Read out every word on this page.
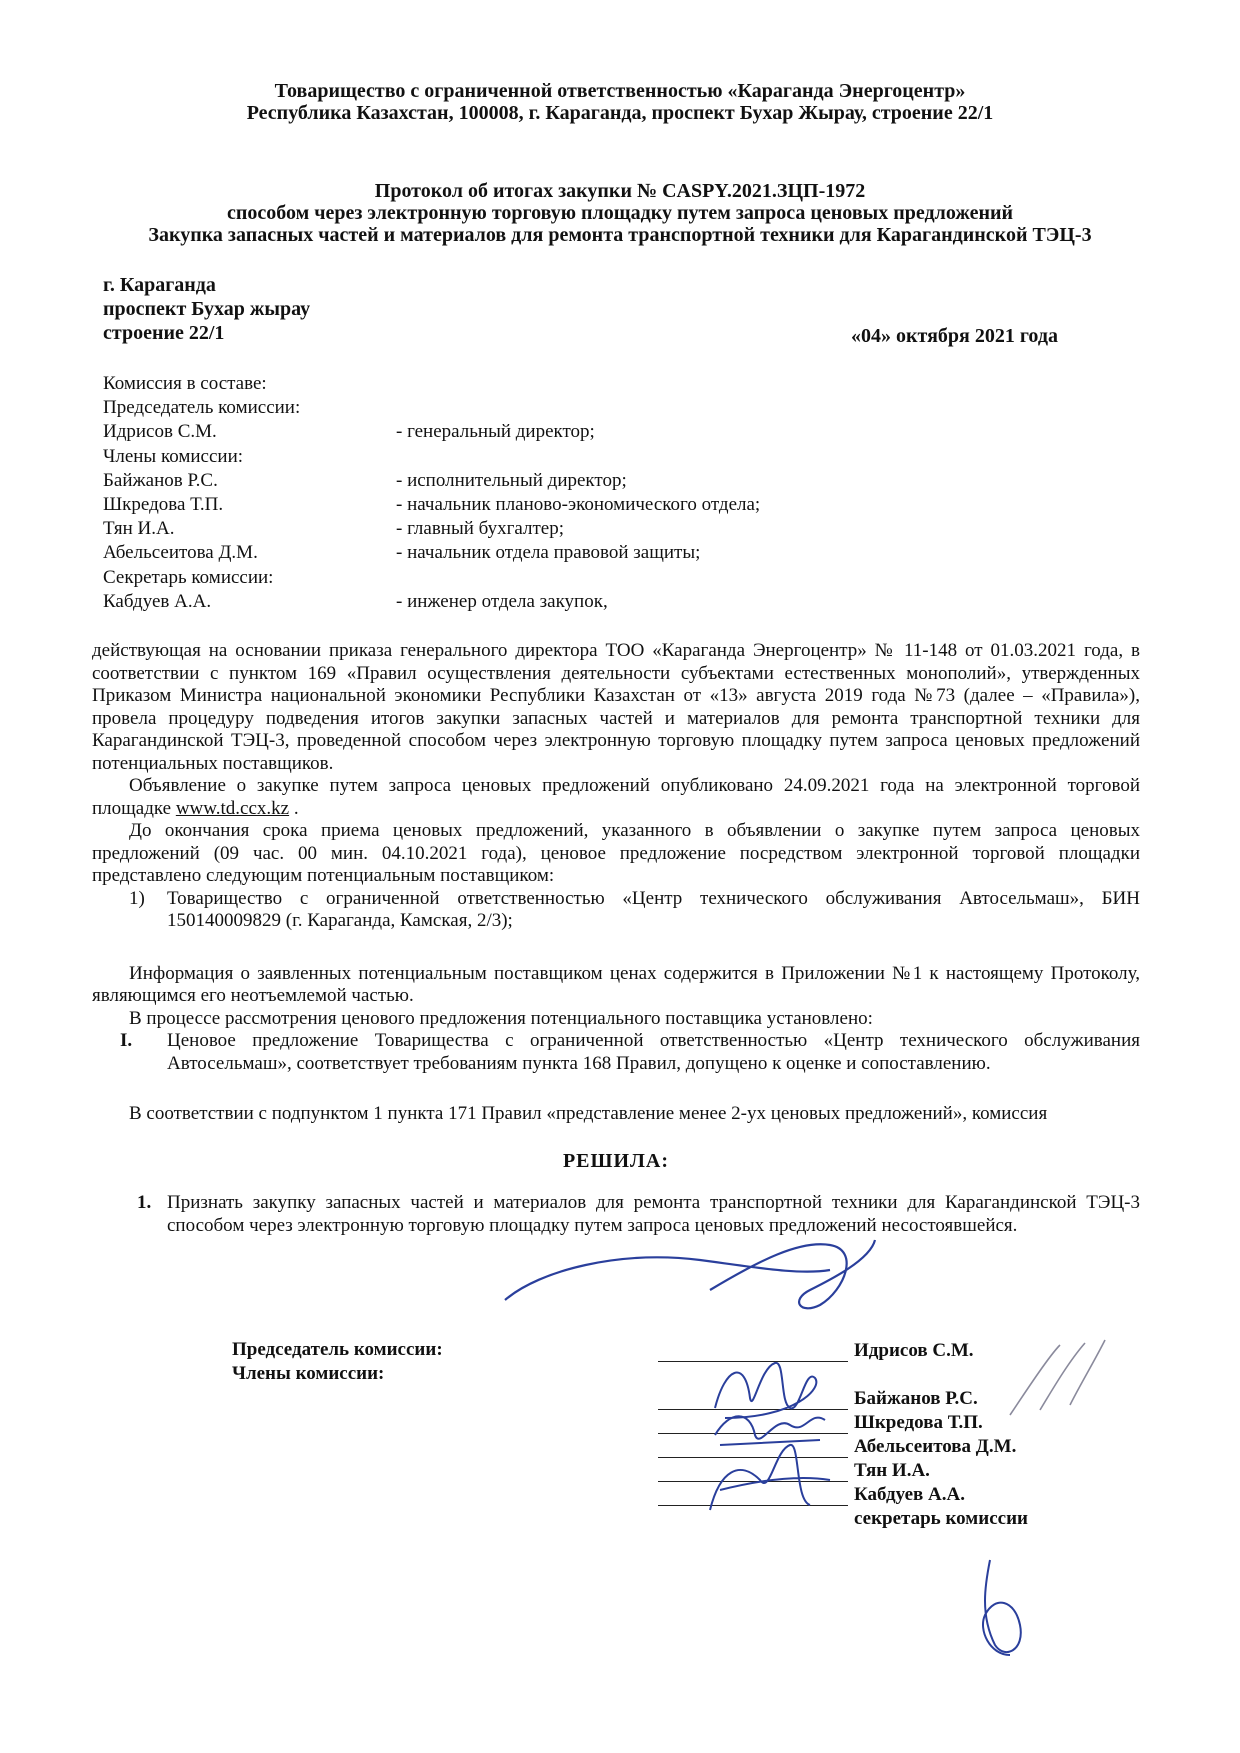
Товарищество с ограниченной ответственностью «Караганда Энергоцентр»
Республика Казахстан, 100008, г. Караганда, проспект Бухар Жырау, строение 22/1
Протокол об итогах закупки № CASPY.2021.ЗЦП-1972
способом через электронную торговую площадку путем запроса ценовых предложений
Закупка запасных частей и материалов для ремонта транспортной техники для Карагандинской ТЭЦ-3
г. Караганда
проспект Бухар жырау
строение 22/1	«04» октября 2021 года
Комиссия в составе:
Председатель комиссии:
Идрисов С.М.	- генеральный директор;
Члены комиссии:
Байжанов Р.С.	- исполнительный директор;
Шкредова Т.П.	- начальник планово-экономического отдела;
Тян И.А.	- главный бухгалтер;
Абельсеитова Д.М.	- начальник отдела правовой защиты;
Секретарь комиссии:
Кабдуев А.А.	- инженер отдела закупок,

действующая на основании приказа генерального директора ТОО «Караганда Энергоцентр» № 11-148 от 01.03.2021 года, в соответствии с пунктом 169 «Правил осуществления деятельности субъектами естественных монополий», утвержденных Приказом Министра национальной экономики Республики Казахстан от «13» августа 2019 года №73 (далее – «Правила»), провела процедуру подведения итогов закупки запасных частей и материалов для ремонта транспортной техники для Карагандинской ТЭЦ-3, проведенной способом через электронную торговую площадку путем запроса ценовых предложений потенциальных поставщиков.

Объявление о закупке путем запроса ценовых предложений опубликовано 24.09.2021 года на электронной торговой площадке www.td.ccx.kz .

До окончания срока приема ценовых предложений, указанного в объявлении о закупке путем запроса ценовых предложений (09 час. 00 мин. 04.10.2021 года), ценовое предложение посредством электронной торговой площадки представлено следующим потенциальным поставщиком:

1)	Товарищество с ограниченной ответственностью «Центр технического обслуживания Автосельмаш», БИН 150140009829 (г. Караганда, Камская, 2/3);

Информация о заявленных потенциальным поставщиком ценах содержится в Приложении №1 к настоящему Протоколу, являющимся его неотъемлемой частью.

В процессе рассмотрения ценового предложения потенциального поставщика установлено:

I.	Ценовое предложение Товарищества с ограниченной ответственностью «Центр технического обслуживания Автосельмаш», соответствует требованиям пункта 168 Правил, допущено к оценке и сопоставлению.

В соответствии с подпунктом 1 пункта 171 Правил «представление менее 2-ух ценовых предложений», комиссия

РЕШИЛА:
1. Признать закупку запасных частей и материалов для ремонта транспортной техники для Карагандинской ТЭЦ-3 способом через электронную торговую площадку путем запроса ценовых предложений несостоявшейся.
Председатель комиссии:
Члены комиссии:
Идрисов С.М.
Байжанов Р.С.
Шкредова Т.П.
Абельсеитова Д.М.
Тян И.А.
Кабдуев А.А.
секретарь комиссии
